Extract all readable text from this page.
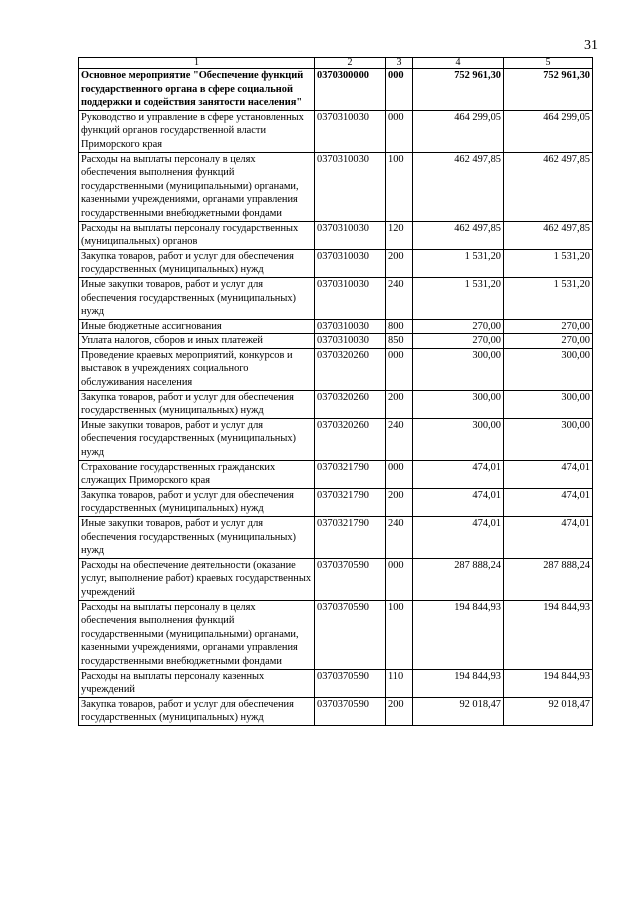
31
1	2	3	4	5
Основное мероприятие "Обеспечение функций государственного органа в сфере социальной поддержки и содействия занятости населения"	0370300000	000	752 961,30	752 961,30
Руководство и управление в сфере установленных функций органов государственной власти Приморского края	0370310030	000	464 299,05	464 299,05
Расходы на выплаты персоналу в целях обеспечения выполнения функций государственными (муниципальными) органами, казенными учреждениями, органами управления государственными внебюджетными фондами	0370310030	100	462 497,85	462 497,85
Расходы на выплаты персоналу государственных (муниципальных) органов	0370310030	120	462 497,85	462 497,85
Закупка товаров, работ и услуг для обеспечения государственных (муниципальных) нужд	0370310030	200	1 531,20	1 531,20
Иные закупки товаров, работ и услуг для обеспечения государственных (муниципальных) нужд	0370310030	240	1 531,20	1 531,20
Иные бюджетные ассигнования	0370310030	800	270,00	270,00
Уплата налогов, сборов и иных платежей	0370310030	850	270,00	270,00
Проведение краевых мероприятий, конкурсов и выставок в учреждениях социального обслуживания населения	0370320260	000	300,00	300,00
Закупка товаров, работ и услуг для обеспечения государственных (муниципальных) нужд	0370320260	200	300,00	300,00
Иные закупки товаров, работ и услуг для обеспечения государственных (муниципальных) нужд	0370320260	240	300,00	300,00
Страхование государственных гражданских служащих Приморского края	0370321790	000	474,01	474,01
Закупка товаров, работ и услуг для обеспечения государственных (муниципальных) нужд	0370321790	200	474,01	474,01
Иные закупки товаров, работ и услуг для обеспечения государственных (муниципальных) нужд	0370321790	240	474,01	474,01
Расходы на обеспечение деятельности (оказание услуг, выполнение работ) краевых государственных учреждений	0370370590	000	287 888,24	287 888,24
Расходы на выплаты персоналу в целях обеспечения выполнения функций государственными (муниципальными) органами, казенными учреждениями, органами управления государственными внебюджетными фондами	0370370590	100	194 844,93	194 844,93
Расходы на выплаты персоналу казенных учреждений	0370370590	110	194 844,93	194 844,93
Закупка товаров, работ и услуг для обеспечения государственных (муниципальных) нужд	0370370590	200	92 018,47	92 018,47
